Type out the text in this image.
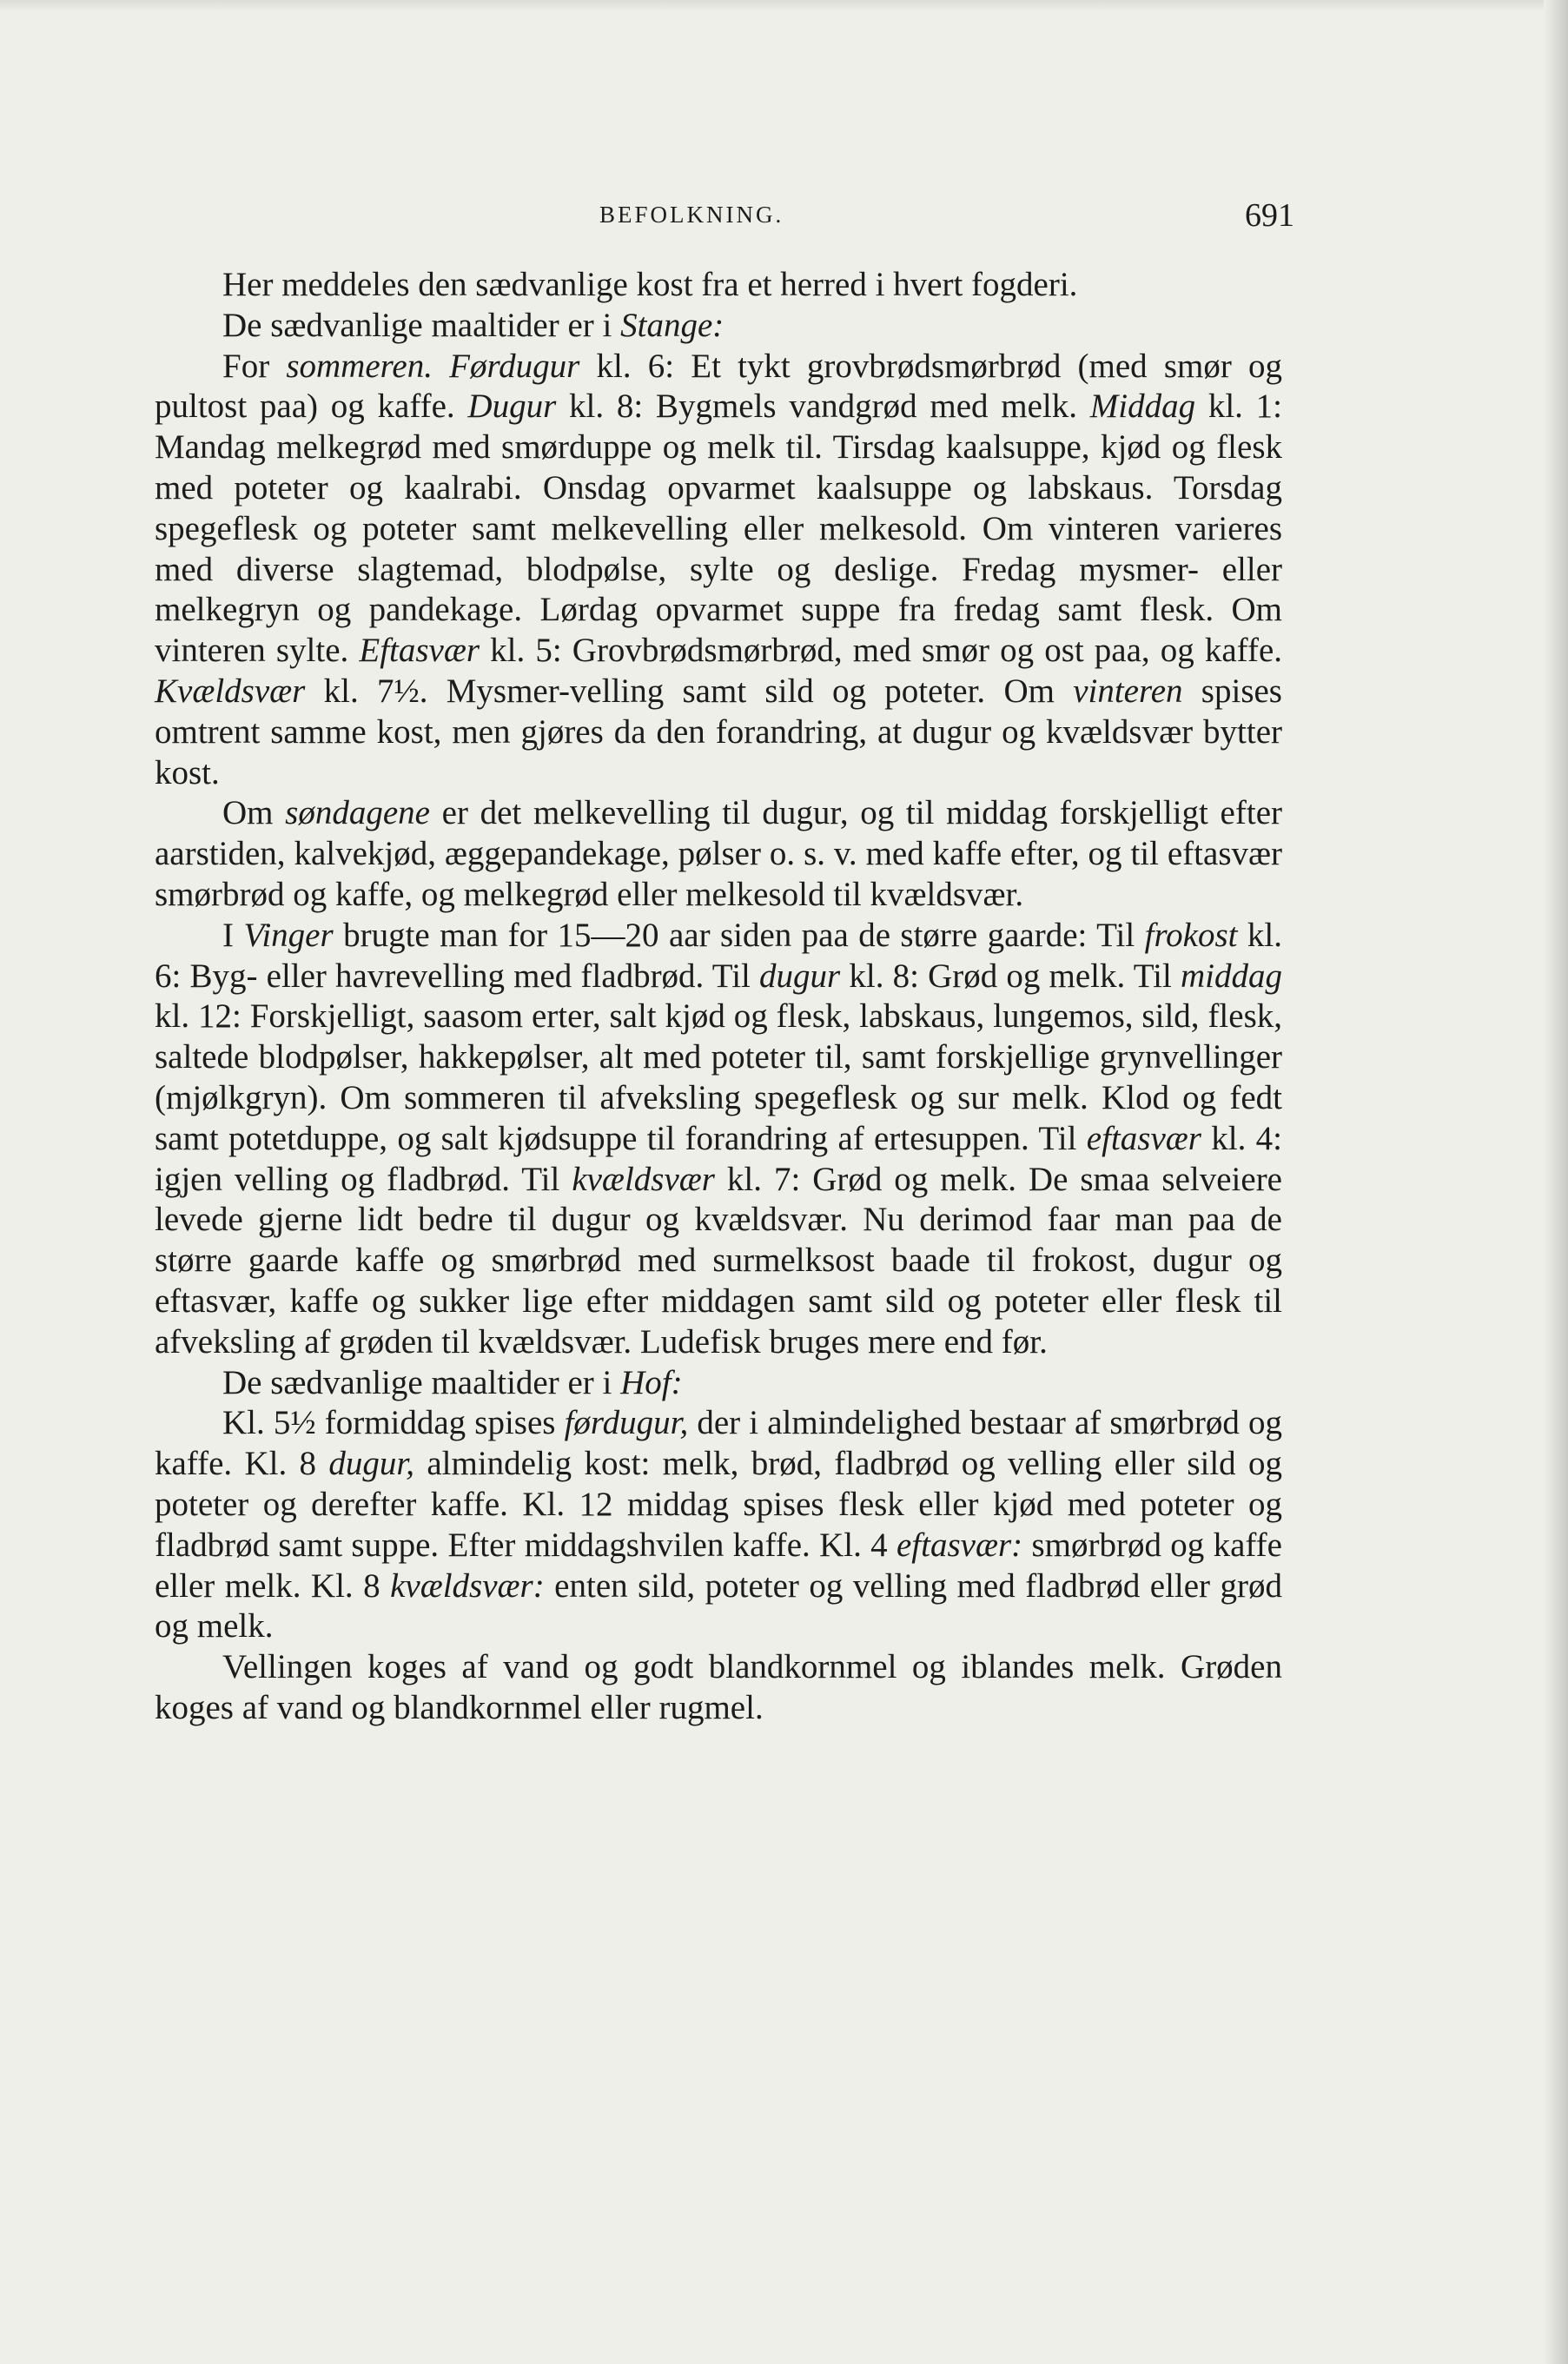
BEFOLKNING.	691

Her meddeles den sædvanlige kost fra et herred i hvert fogderi.

De sædvanlige maaltider er i Stange:

For sommeren. Førdugur kl. 6: Et tykt grovbrødsmørbrød (med smør og pultost paa) og kaffe. Dugur kl. 8: Bygmels vandgrød med melk. Middag kl. 1: Mandag melkegrød med smørduppe og melk til. Tirsdag kaalsuppe, kjød og flesk med poteter og kaalrabi. Onsdag opvarmet kaalsuppe og labskaus. Torsdag spegeflesk og poteter samt melkevelling eller melkesold. Om vinteren varieres med diverse slagtemad, blodpølse, sylte og deslige. Fredag mysmer- eller melkegryn og pandekage. Lørdag opvarmet suppe fra fredag samt flesk. Om vinteren sylte. Eftasvær kl. 5: Grovbrødsmørbrød, med smør og ost paa, og kaffe. Kvældsvær kl. 7½. Mysmer-velling samt sild og poteter. Om vinteren spises omtrent samme kost, men gjøres da den forandring, at dugur og kvældsvær bytter kost.

Om søndagene er det melkevelling til dugur, og til middag forskjelligt efter aarstiden, kalvekjød, æggepandekage, pølser o. s. v. med kaffe efter, og til eftasvær smørbrød og kaffe, og melkegrød eller melkesold til kvældsvær.

I Vinger brugte man for 15—20 aar siden paa de større gaarde: Til frokost kl. 6: Byg- eller havrevelling med fladbrød. Til dugur kl. 8: Grød og melk. Til middag kl. 12: Forskjelligt, saasom erter, salt kjød og flesk, labskaus, lungemos, sild, flesk, saltede blodpølser, hakkepølser, alt med poteter til, samt forskjellige grynvellinger (mjølkgryn). Om sommeren til afveksling spegeflesk og sur melk. Klod og fedt samt potetduppe, og salt kjødsuppe til forandring af ertesuppen. Til eftasvær kl. 4: igjen velling og fladbrød. Til kvældsvær kl. 7: Grød og melk. De smaa selveiere levede gjerne lidt bedre til dugur og kvældsvær. Nu derimod faar man paa de større gaarde kaffe og smørbrød med surmelksost baade til frokost, dugur og eftasvær, kaffe og sukker lige efter middagen samt sild og poteter eller flesk til afveksling af grøden til kvældsvær. Ludefisk bruges mere end før.

De sædvanlige maaltider er i Hof:

Kl. 5½ formiddag spises førdugur, der i almindelighed bestaar af smørbrød og kaffe. Kl. 8 dugur, almindelig kost: melk, brød, fladbrød og velling eller sild og poteter og derefter kaffe. Kl. 12 middag spises flesk eller kjød med poteter og fladbrød samt suppe. Efter middagshvilen kaffe. Kl. 4 eftasvær: smørbrød og kaffe eller melk. Kl. 8 kvældsvær: enten sild, poteter og velling med fladbrød eller grød og melk.

Vellingen koges af vand og godt blandkornmel og iblandes melk. Grøden koges af vand og blandkornmel eller rugmel.
